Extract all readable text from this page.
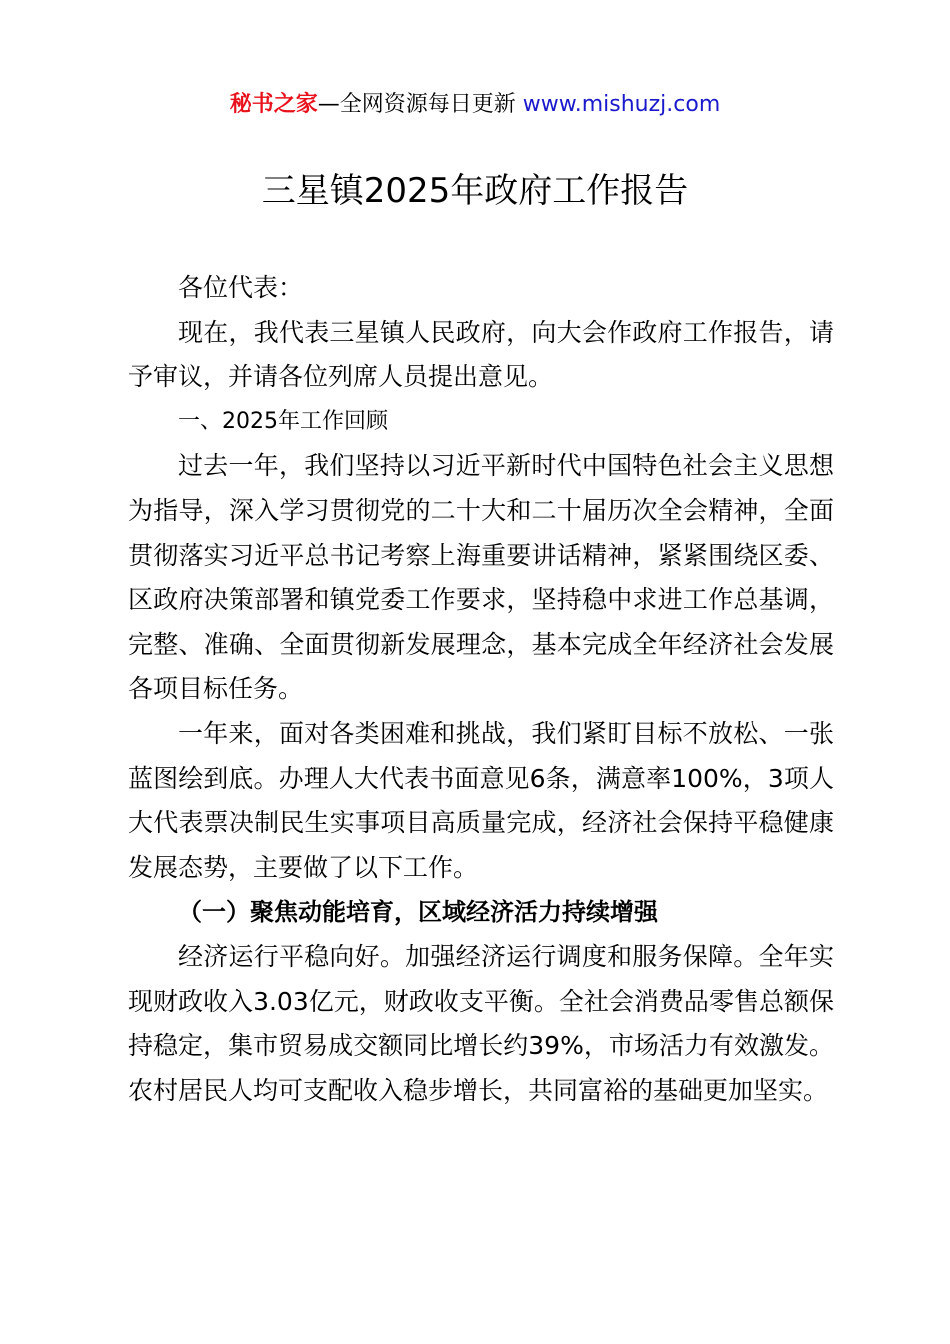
秘书之家—全网资源每日更新 www.mishuzj.com
三星镇2025年政府工作报告

各位代表：

现在，我代表三星镇人民政府，向大会作政府工作报告，请予审议，并请各位列席人员提出意见。

一、2025年工作回顾

过去一年，我们坚持以习近平新时代中国特色社会主义思想为指导，深入学习贯彻党的二十大和二十届历次全会精神，全面贯彻落实习近平总书记考察上海重要讲话精神，紧紧围绕区委、区政府决策部署和镇党委工作要求，坚持稳中求进工作总基调，完整、准确、全面贯彻新发展理念，基本完成全年经济社会发展各项目标任务。

一年来，面对各类困难和挑战，我们紧盯目标不放松、一张蓝图绘到底。办理人大代表书面意见6条，满意率100%，3项人大代表票决制民生实事项目高质量完成，经济社会保持平稳健康发展态势，主要做了以下工作。

（一）聚焦动能培育，区域经济活力持续增强

经济运行平稳向好。加强经济运行调度和服务保障。全年实现财政收入3.03亿元，财政收支平衡。全社会消费品零售总额保持稳定，集市贸易成交额同比增长约39%，市场活力有效激发。农村居民人均可支配收入稳步增长，共同富裕的基础更加坚实。
